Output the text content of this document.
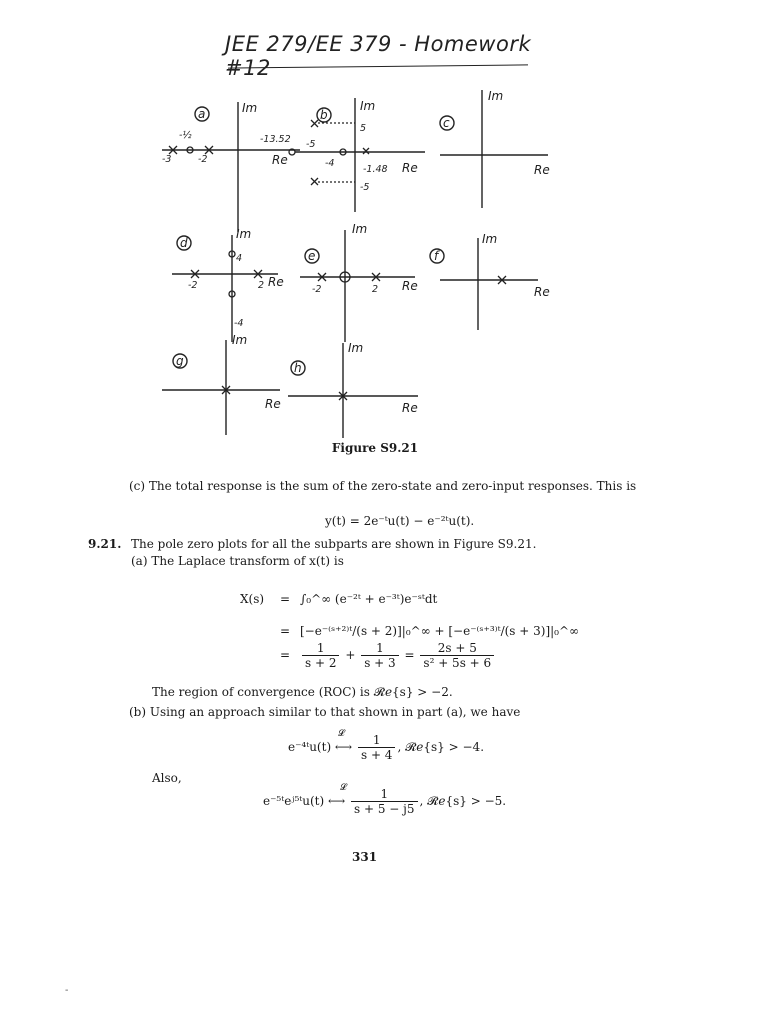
JEE 279/EE 379 - Homework #12
a	b
c
d
e	f
g	h
Im
Re
Im
Re
Im
Re
Im
Re
Im
Re
Im
Re
Im
Re
Im
Re
-½
-3	-2
-13.52 -5
5
-4
-1.48
-5
4
-4
-2	2	-2	2
Figure S9.21
(c) The total response is the sum of the zero-state and zero-input responses. This is
y(t) = 2e⁻ᵗu(t) − e⁻²ᵗu(t).
9.21. The pole zero plots for all the subparts are shown in Figure S9.21.
(a) The Laplace transform of x(t) is
X(s) = ∫₀^∞ (e⁻²ᵗ + e⁻³ᵗ)e⁻ˢᵗdt
= [−e⁻⁽ˢ⁺²⁾ᵗ/(s + 2)]|₀^∞ + [−e⁻⁽ˢ⁺³⁾ᵗ/(s + 3)]|₀^∞
= $\frac{1}{s + 2} + \frac{1}{s + 3} = \frac{2s + 5}{\text{s² + 5s + 6}}$
The region of convergence (ROC) is 𝓡𝑒{s} > −2.
(b) Using an approach similar to that shown in part (a), we have
e⁻⁴ᵗu(t) ⟷ $\frac{1}{s + 4}$ , 𝓡𝑒{s} > −4.
𝓛
Also,
e⁻⁵ᵗeʲ⁵ᵗu(t) ⟷ $\frac{1}{s + 5 - j5}$ , 𝓡𝑒{s} > −5.
𝓛
331
-
